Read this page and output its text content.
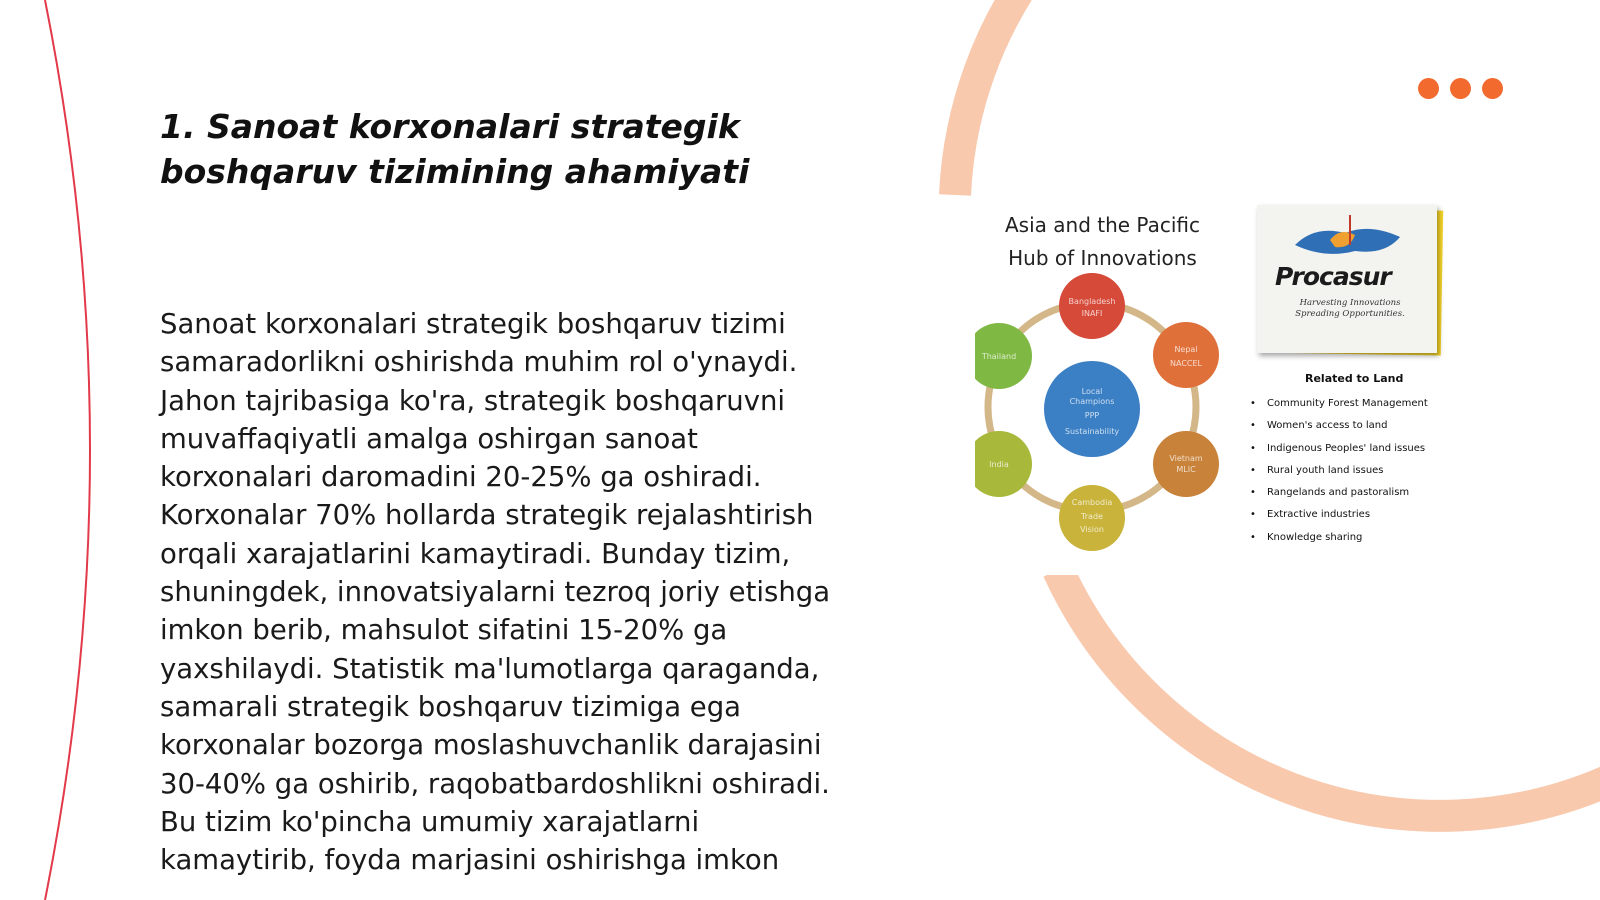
1. Sanoat korxonalari strategik boshqaruv tizimining ahamiyati

Sanoat korxonalari strategik boshqaruv tizimi samaradorlikni oshirishda muhim rol o'ynaydi. Jahon tajribasiga ko'ra, strategik boshqaruvni muvaffaqiyatli amalga oshirgan sanoat korxonalari daromadini 20-25% ga oshiradi. Korxonalar 70% hollarda strategik rejalashtirish orqali xarajatlarini kamaytiradi. Bunday tizim, shuningdek, innovatsiyalarni tezroq joriy etishga imkon berib, mahsulot sifatini 15-20% ga yaxshilaydi. Statistik ma'lumotlarga qaraganda, samarali strategik boshqaruv tizimiga ega korxonalar bozorga moslashuvchanlik darajasini 30-40% ga oshirib, raqobatbardoshlikni oshiradi. Bu tizim ko'pincha umumiy xarajatlarni kamaytirib, foyda marjasini oshirishga imkon

Asia and the Pacific
Hub of Innovations
Local
Champions
PPP
Sustainability
Bangladesh
INAFI
Nepal
NACCEL
Vietnam
MLIC
Cambodia
Trade
Vision
India
Thailand
Procasur
Harvesting Innovations
Spreading Opportunities.
Related to Land
• Community Forest Management
• Women's access to land
• Indigenous Peoples' land issues
• Rural youth land issues
• Rangelands and pastoralism
• Extractive industries
• Knowledge sharing
